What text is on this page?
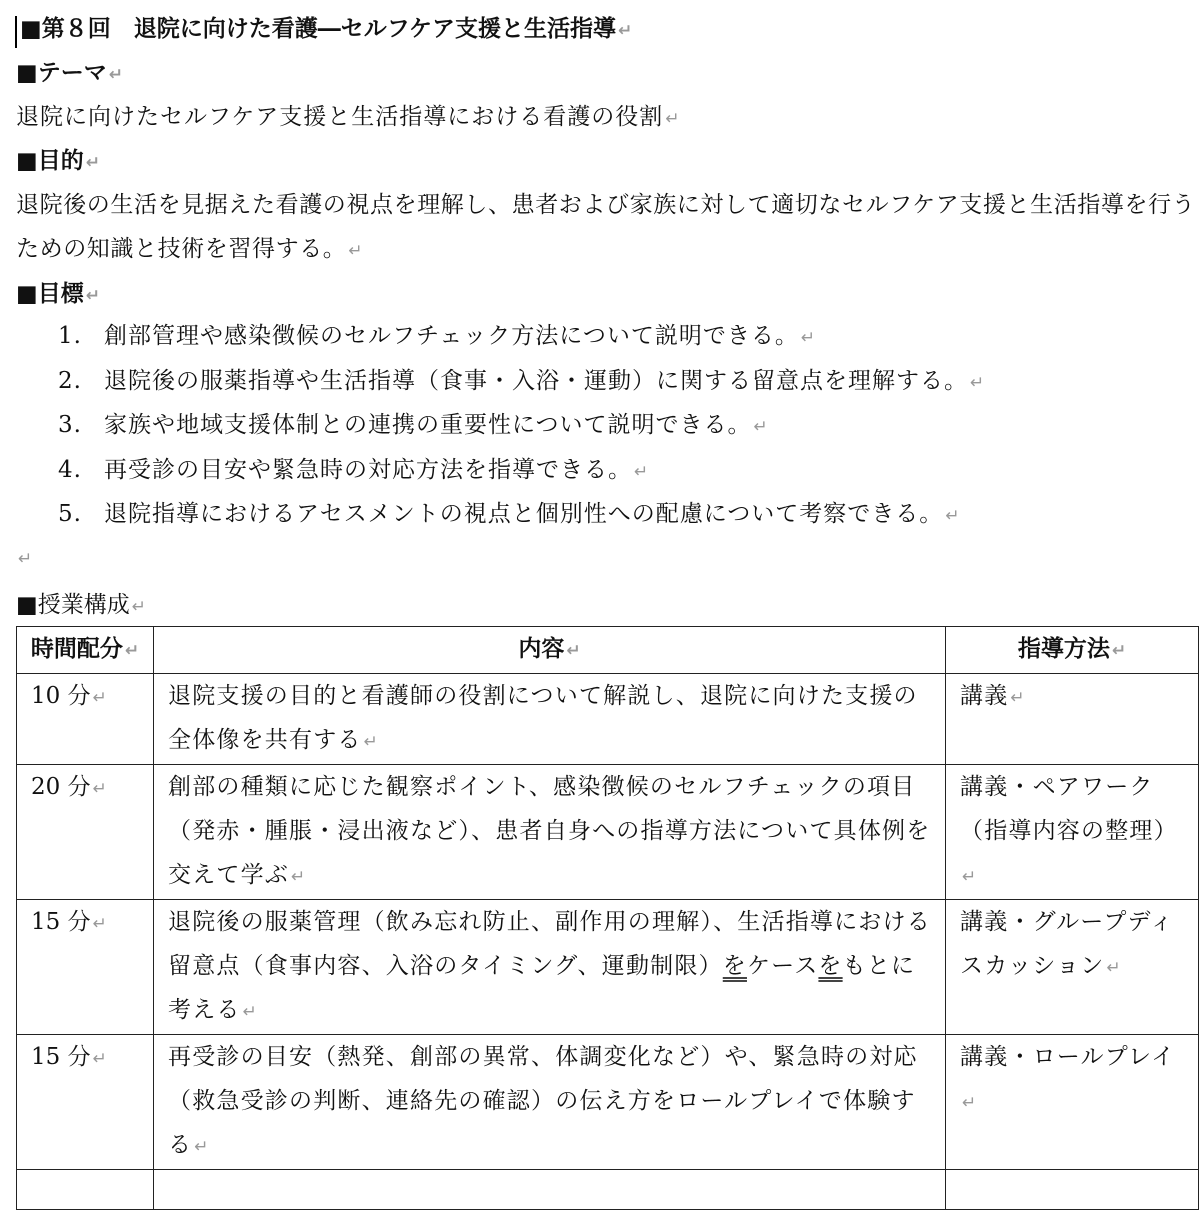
■第８回　退院に向けた看護―セルフケア支援と生活指導 ↵
■テーマ ↵
退院に向けたセルフケア支援と生活指導における看護の役割 ↵
■目的 ↵
退院後の生活を見据えた看護の視点を理解し、患者および家族に対して適切なセルフケア支援と生活指導を行うための知識と技術を習得する。 ↵
■目標 ↵
1. 創部管理や感染徴候のセルフチェック方法について説明できる。 ↵
2. 退院後の服薬指導や生活指導（食事・入浴・運動）に関する留意点を理解する。 ↵
3. 家族や地域支援体制との連携の重要性について説明できる。 ↵
4. 再受診の目安や緊急時の対応方法を指導できる。 ↵
5. 退院指導におけるアセスメントの視点と個別性への配慮について考察できる。 ↵
↵
■授業構成 ↵
時間配分 ↵	内容 ↵	指導方法 ↵
10 分 ↵	退院支援の目的と看護師の役割について解説し、退院に向けた支援の全体像を共有する ↵	講義 ↵
20 分 ↵	創部の種類に応じた観察ポイント、感染徴候のセルフチェックの項目（発赤・腫脹・浸出液など）、患者自身への指導方法について具体例を交えて学ぶ ↵	講義・ペアワーク（指導内容の整理）↵
15 分 ↵	退院後の服薬管理（飲み忘れ防止、副作用の理解）、生活指導における留意点（食事内容、入浴のタイミング、運動制限）をケースをもとに考える ↵	講義・グループディスカッション ↵
15 分 ↵	再受診の目安（熱発、創部の異常、体調変化など）や、緊急時の対応（救急受診の判断、連絡先の確認）の伝え方をロールプレイで体験する ↵	講義・ロールプレイ↵
